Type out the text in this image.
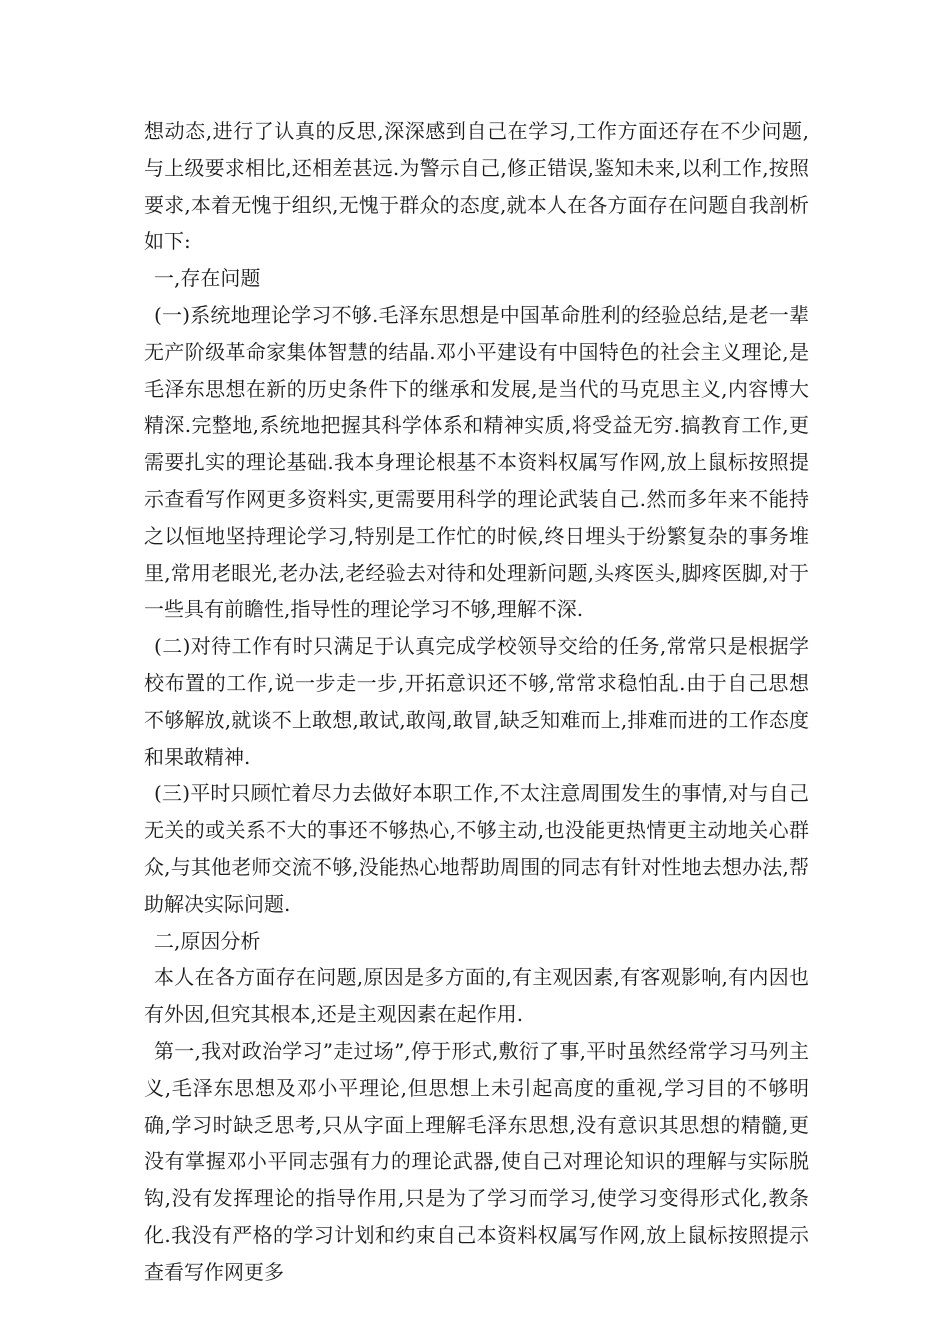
想动态,进行了认真的反思,深深感到自己在学习,工作方面还存在不少问题,与上级要求相比,还相差甚远.为警示自己,修正错误,鉴知未来,以利工作,按照要求,本着无愧于组织,无愧于群众的态度,就本人在各方面存在问题自我剖析如下:

一,存在问题

(一)系统地理论学习不够.毛泽东思想是中国革命胜利的经验总结,是老一辈无产阶级革命家集体智慧的结晶.邓小平建设有中国特色的社会主义理论,是毛泽东思想在新的历史条件下的继承和发展,是当代的马克思主义,内容博大精深.完整地,系统地把握其科学体系和精神实质,将受益无穷.搞教育工作,更需要扎实的理论基础.我本身理论根基不本资料权属写作网,放上鼠标按照提示查看写作网更多资料实,更需要用科学的理论武装自己.然而多年来不能持之以恒地坚持理论学习,特别是工作忙的时候,终日埋头于纷繁复杂的事务堆里,常用老眼光,老办法,老经验去对待和处理新问题,头疼医头,脚疼医脚,对于一些具有前瞻性,指导性的理论学习不够,理解不深.

(二)对待工作有时只满足于认真完成学校领导交给的任务,常常只是根据学校布置的工作,说一步走一步,开拓意识还不够,常常求稳怕乱.由于自己思想不够解放,就谈不上敢想,敢试,敢闯,敢冒,缺乏知难而上,排难而进的工作态度和果敢精神.

(三)平时只顾忙着尽力去做好本职工作,不太注意周围发生的事情,对与自己无关的或关系不大的事还不够热心,不够主动,也没能更热情更主动地关心群众,与其他老师交流不够,没能热心地帮助周围的同志有针对性地去想办法,帮助解决实际问题.

二,原因分析

本人在各方面存在问题,原因是多方面的,有主观因素,有客观影响,有内因也有外因,但究其根本,还是主观因素在起作用.

第一,我对政治学习”走过场”,停于形式,敷衍了事,平时虽然经常学习马列主义,毛泽东思想及邓小平理论,但思想上未引起高度的重视,学习目的不够明确,学习时缺乏思考,只从字面上理解毛泽东思想,没有意识其思想的精髓,更没有掌握邓小平同志强有力的理论武器,使自己对理论知识的理解与实际脱钩,没有发挥理论的指导作用,只是为了学习而学习,使学习变得形式化,教条化.我没有严格的学习计划和约束自己本资料权属写作网,放上鼠标按照提示查看写作网更多
